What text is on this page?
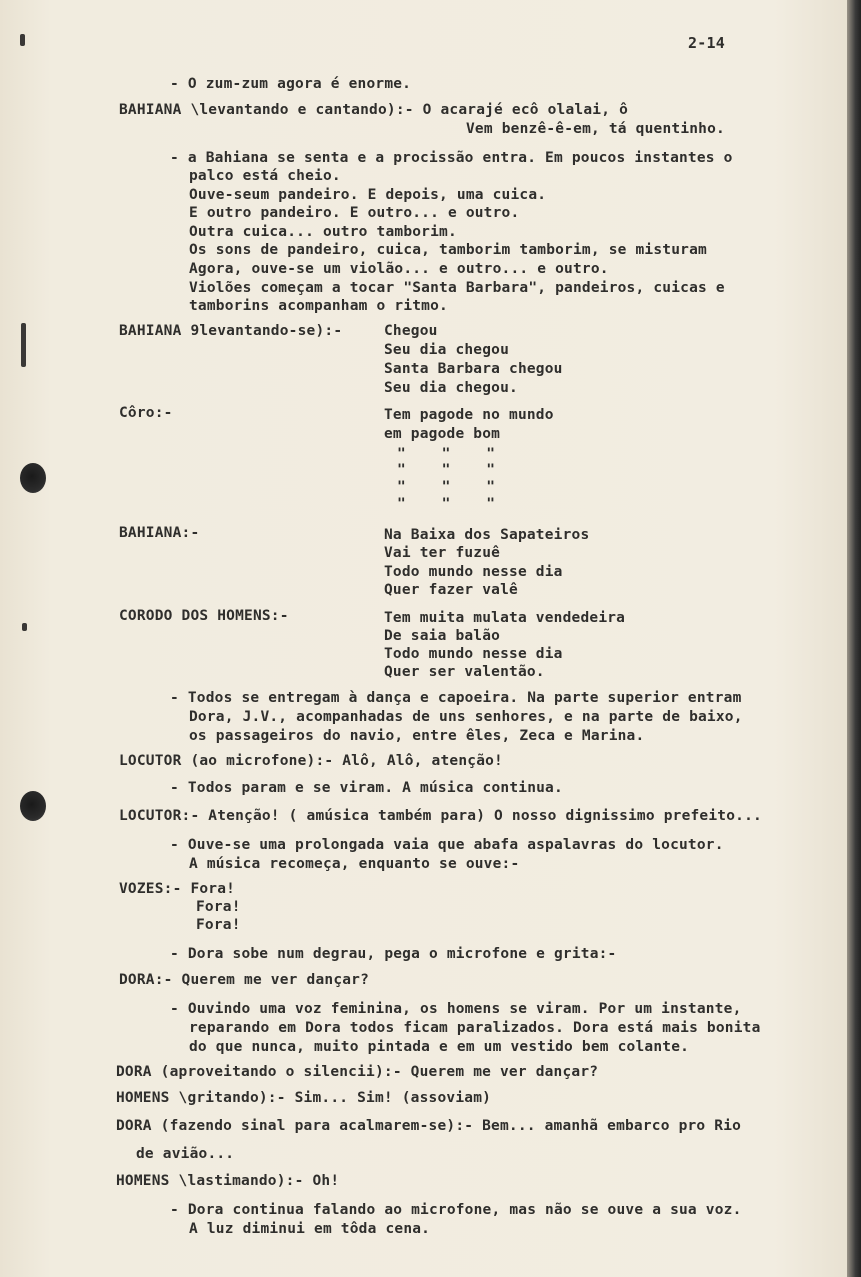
2-14
- O zum-zum agora é enorme.
BAHIANA \levantando e cantando):- O acarajé ecô olalai, ô
Vem benzê-ê-em, tá quentinho.
- a Bahiana se senta e a procissão entra. Em poucos instantes o
palco está cheio.
Ouve-seum pandeiro. E depois, uma cuica.
E outro pandeiro. E outro... e outro.
Outra cuica... outro tamborim.
Os sons de pandeiro, cuica, tamborim tamborim, se misturam
Agora, ouve-se um violão... e outro... e outro.
Violões começam a tocar "Santa Barbara", pandeiros, cuicas e
tamborins acompanham o ritmo.
BAHIANA 9levantando-se):-	Chegou
Seu dia chegou
Santa Barbara chegou
Seu dia chegou.
Côro:-	Tem pagode no mundo
em pagode bom
"    "    "
"    "    "
"    "    "
"    "    "
BAHIANA:-	Na Baixa dos Sapateiros
Vai ter fuzuê
Todo mundo nesse dia
Quer fazer valê
CORODO DOS HOMENS:-	Tem muita mulata vendedeira
De saia balão
Todo mundo nesse dia
Quer ser valentão.
- Todos se entregam à dança e capoeira. Na parte superior entram
Dora, J.V., acompanhadas de uns senhores, e na parte de baixo,
os passageiros do navio, entre êles, Zeca e Marina.
LOCUTOR (ao microfone):- Alô, Alô, atenção!
- Todos param e se viram. A música continua.
LOCUTOR:- Atenção! ( amúsica também para) O nosso dignissimo prefeito...
- Ouve-se uma prolongada vaia que abafa aspalavras do locutor.
A música recomeça, enquanto se ouve:-
VOZES:- Fora!
Fora!
Fora!
- Dora sobe num degrau, pega o microfone e grita:-
DORA:- Querem me ver dançar?
- Ouvindo uma voz feminina, os homens se viram. Por um instante,
reparando em Dora todos ficam paralizados. Dora está mais bonita
do que nunca, muito pintada e em um vestido bem colante.
DORA (aproveitando o silencii):- Querem me ver dançar?
HOMENS \gritando):- Sim... Sim! (assoviam)
DORA (fazendo sinal para acalmarem-se):- Bem... amanhã embarco pro Rio
de avião...
HOMENS \lastimando):- Oh!
- Dora continua falando ao microfone, mas não se ouve a sua voz.
A luz diminui em tôda cena.
